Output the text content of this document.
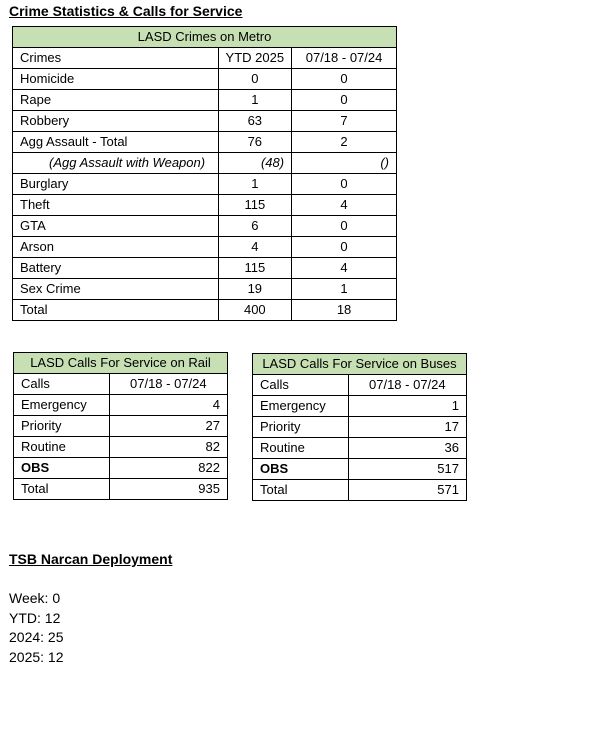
Crime Statistics & Calls for Service
LASD Crimes on Metro		
Crimes	YTD 2025	07/18 - 07/24
Homicide	0	0
Rape	1	0
Robbery	63	7
Agg Assault - Total	76	2
(Agg Assault with Weapon)	(48)	()
Burglary	1	0
Theft	115	4
GTA	6	0
Arson	4	0
Battery	115	4
Sex Crime	19	1
Total	400	18
LASD Calls For Service on Rail	
Calls	07/18 - 07/24
Emergency	4
Priority	27
Routine	82
OBS	822
Total	935
LASD Calls For Service on Buses	
Calls	07/18 - 07/24
Emergency	1
Priority	17
Routine	36
OBS	517
Total	571
TSB Narcan Deployment
Week: 0
YTD: 12
2024: 25
2025: 12
